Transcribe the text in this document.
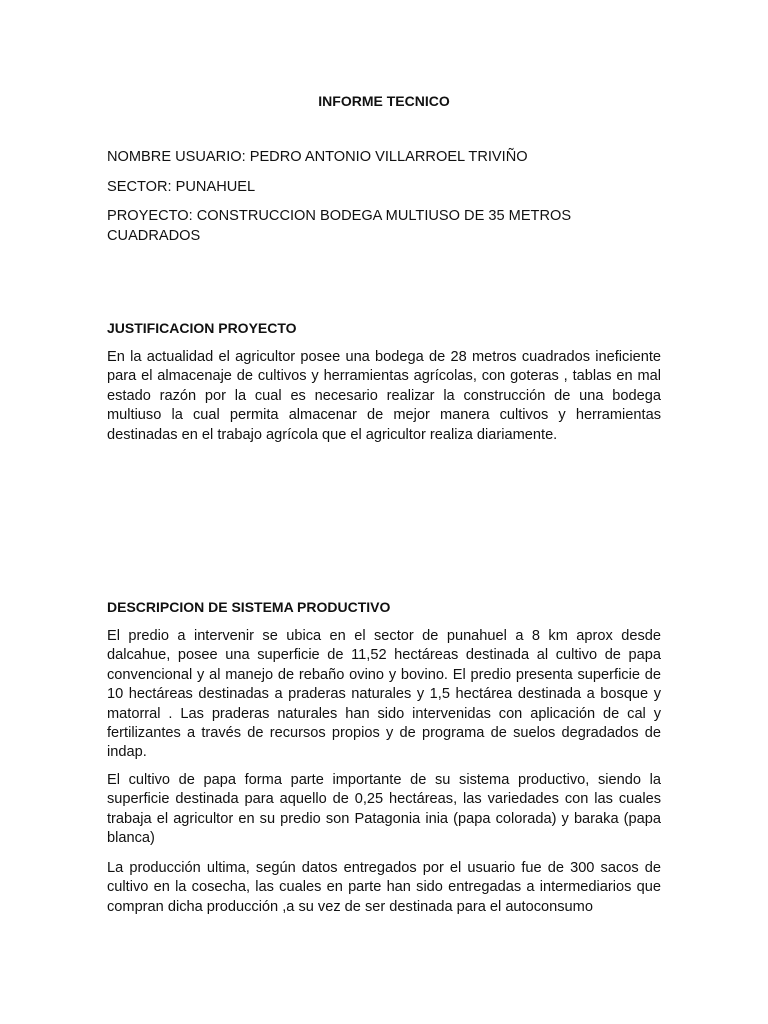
INFORME TECNICO
NOMBRE USUARIO: PEDRO ANTONIO VILLARROEL TRIVIÑO
SECTOR: PUNAHUEL
PROYECTO: CONSTRUCCION BODEGA MULTIUSO DE 35 METROS CUADRADOS
JUSTIFICACION PROYECTO

En la actualidad el agricultor posee una bodega de 28 metros cuadrados ineficiente para el almacenaje de cultivos y herramientas agrícolas, con goteras , tablas en mal estado razón por la cual es necesario realizar la construcción de una bodega multiuso la cual permita almacenar de mejor manera cultivos y herramientas destinadas en el trabajo agrícola que el agricultor realiza diariamente.

DESCRIPCION DE SISTEMA PRODUCTIVO

El predio a intervenir se ubica en el sector de punahuel a 8 km aprox desde dalcahue, posee una superficie de 11,52 hectáreas destinada al cultivo de papa convencional y al manejo de rebaño ovino y bovino. El predio presenta superficie de 10 hectáreas destinadas a praderas naturales y 1,5 hectárea destinada a bosque y matorral . Las praderas naturales han sido intervenidas con aplicación de cal y fertilizantes a través de recursos propios y de programa de suelos degradados de indap.

El cultivo de papa forma parte importante de su sistema productivo, siendo la superficie destinada para aquello de 0,25 hectáreas, las variedades con las cuales trabaja el agricultor en su predio son Patagonia inia (papa colorada) y baraka (papa blanca)

La producción ultima, según datos entregados por el usuario fue de 300 sacos de cultivo en la cosecha, las cuales en parte han sido entregadas a intermediarios que compran dicha producción ,a su vez de ser destinada para el autoconsumo
